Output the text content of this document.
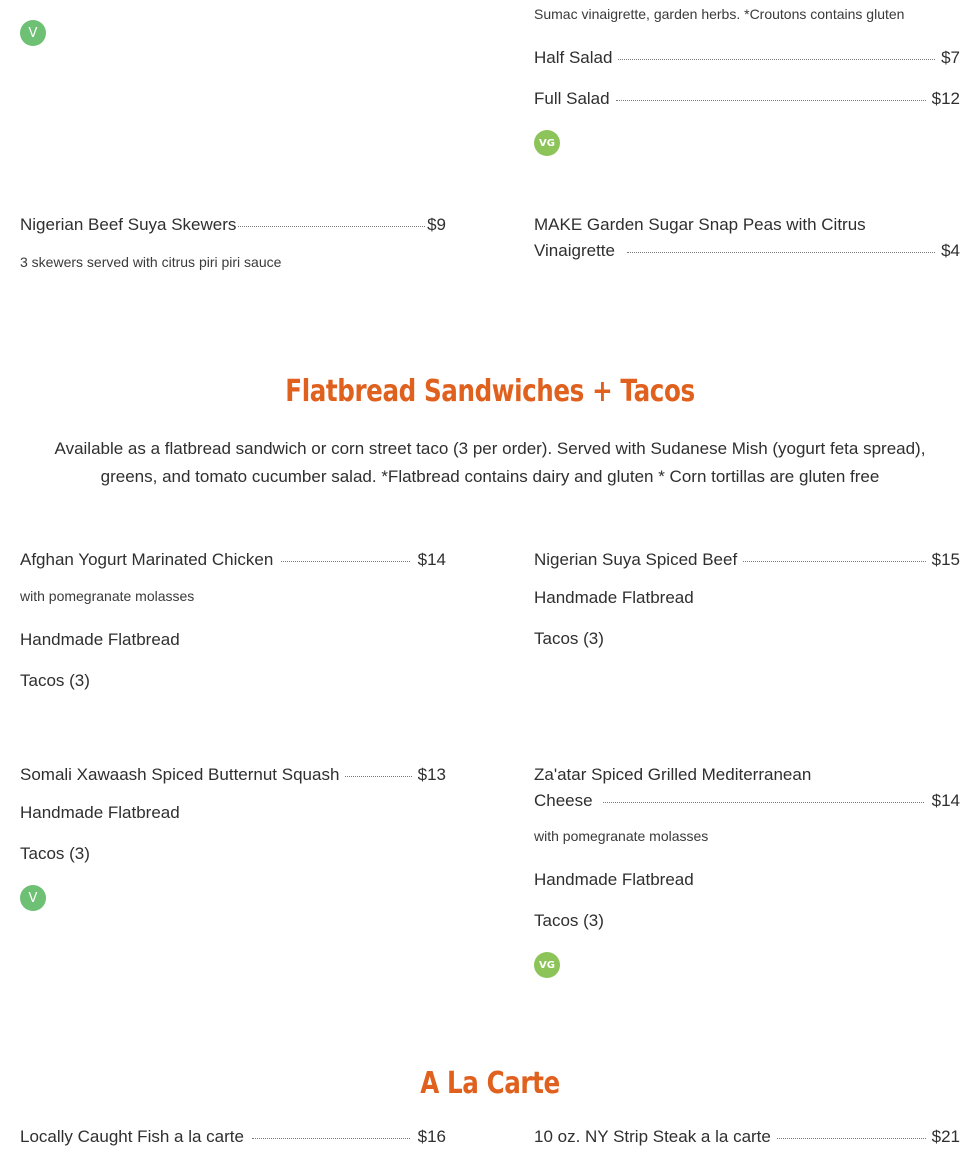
V
Sumac vinaigrette, garden herbs. *Croutons contains gluten
Half Salad	$7
Full Salad	$12
VG
Nigerian Beef Suya Skewers	$9
3 skewers served with citrus piri piri sauce
MAKE Garden Sugar Snap Peas with Citrus
Vinaigrette	$4
Flatbread Sandwiches + Tacos
Available as a flatbread sandwich or corn street taco (3 per order). Served with Sudanese Mish (yogurt feta spread),
greens, and tomato cucumber salad. *Flatbread contains dairy and gluten * Corn tortillas are gluten free
Afghan Yogurt Marinated Chicken	$14
with pomegranate molasses
Handmade Flatbread
Tacos (3)
Nigerian Suya Spiced Beef	$15
Handmade Flatbread
Tacos (3)
Somali Xawaash Spiced Butternut Squash	$13
Handmade Flatbread
Tacos (3)
V
Za'atar Spiced Grilled Mediterranean
Cheese	$14
with pomegranate molasses
Handmade Flatbread
Tacos (3)
VG
A La Carte
Locally Caught Fish a la carte	$16	10 oz. NY Strip Steak a la carte	$21
